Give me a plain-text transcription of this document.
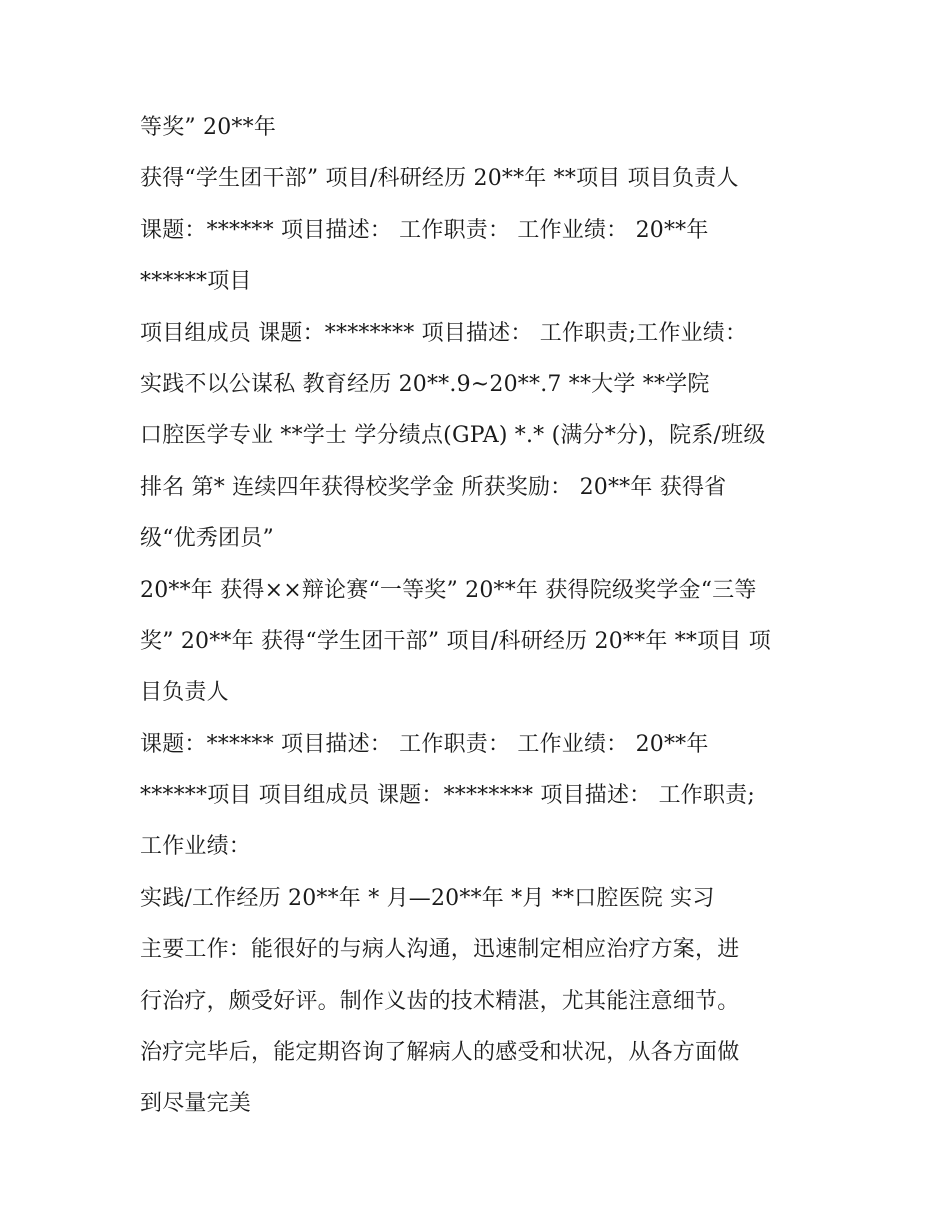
等奖” 20**年
获得“学生团干部” 项目/科研经历 20**年 **项目 项目负责人
课题：****** 项目描述： 工作职责： 工作业绩： 20**年
******项目
项目组成员 课题：******** 项目描述： 工作职责;工作业绩：
实践不以公谋私 教育经历 20**.9~20**.7 **大学 **学院
口腔医学专业 **学士 学分绩点(GPA) *.* (满分*分)，院系/班级
排名 第* 连续四年获得校奖学金 所获奖励： 20**年 获得省
级“优秀团员”
20**年 获得××辩论赛“一等奖” 20**年 获得院级奖学金“三等
奖” 20**年 获得“学生团干部” 项目/科研经历 20**年 **项目 项
目负责人
课题：****** 项目描述： 工作职责： 工作业绩： 20**年
******项目 项目组成员 课题：******** 项目描述： 工作职责;
工作业绩：
实践/工作经历 20**年 * 月—20**年 *月 **口腔医院 实习
主要工作：能很好的与病人沟通，迅速制定相应治疗方案，进
行治疗，颇受好评。制作义齿的技术精湛，尤其能注意细节。
治疗完毕后，能定期咨询了解病人的感受和状况，从各方面做
到尽量完美
